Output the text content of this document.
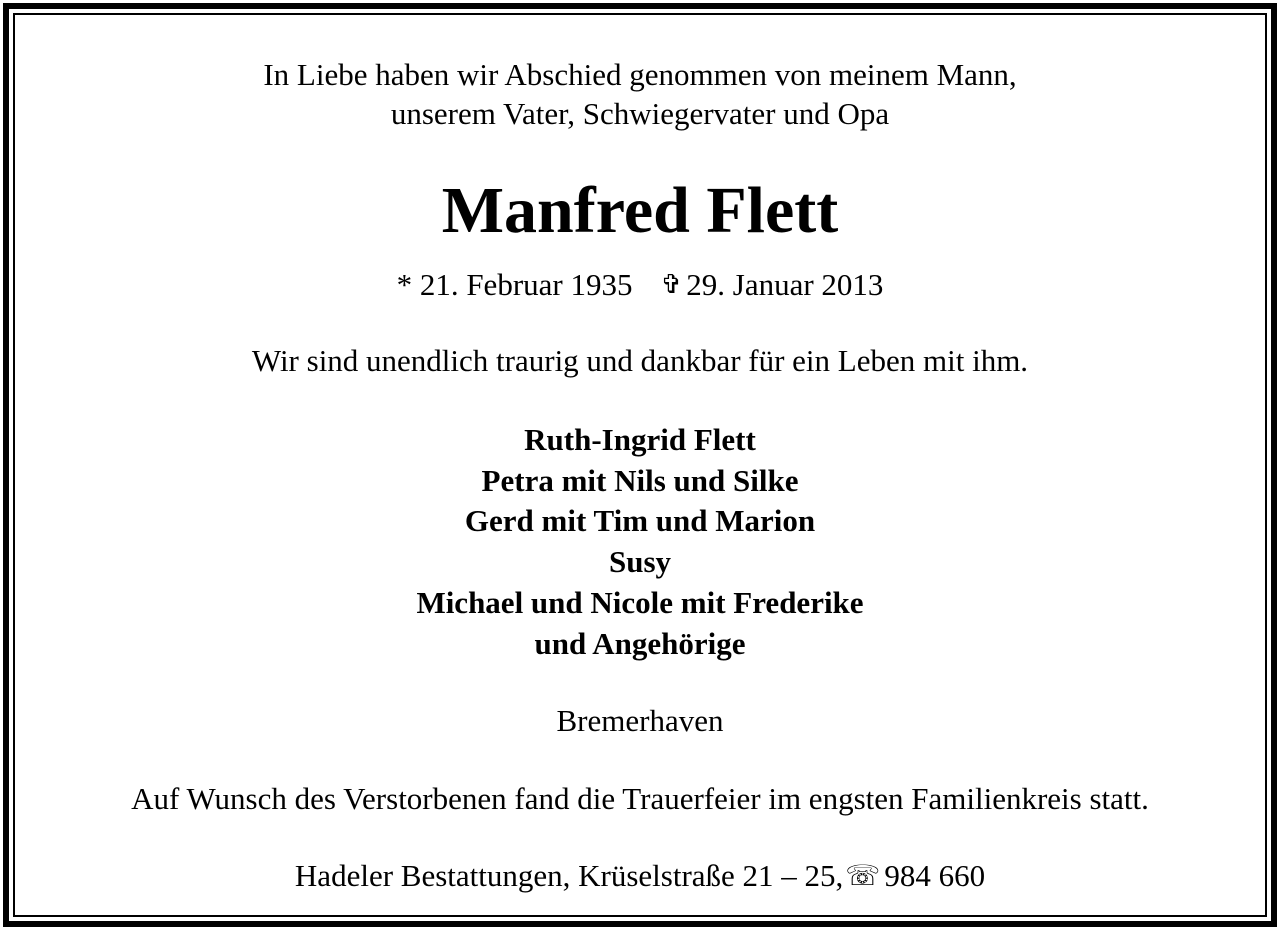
In Liebe haben wir Abschied genommen von meinem Mann,
unserem Vater, Schwiegervater und Opa
Manfred Flett
* 21. Februar 1935 ✞ 29. Januar 2013
Wir sind unendlich traurig und dankbar für ein Leben mit ihm.
Ruth-Ingrid Flett
Petra mit Nils und Silke
Gerd mit Tim und Marion
Susy
Michael und Nicole mit Frederike
und Angehörige
Bremerhaven
Auf Wunsch des Verstorbenen fand die Trauerfeier im engsten Familienkreis statt.
Hadeler Bestattungen, Krüselstraße 21 – 25,☏ 984 660
